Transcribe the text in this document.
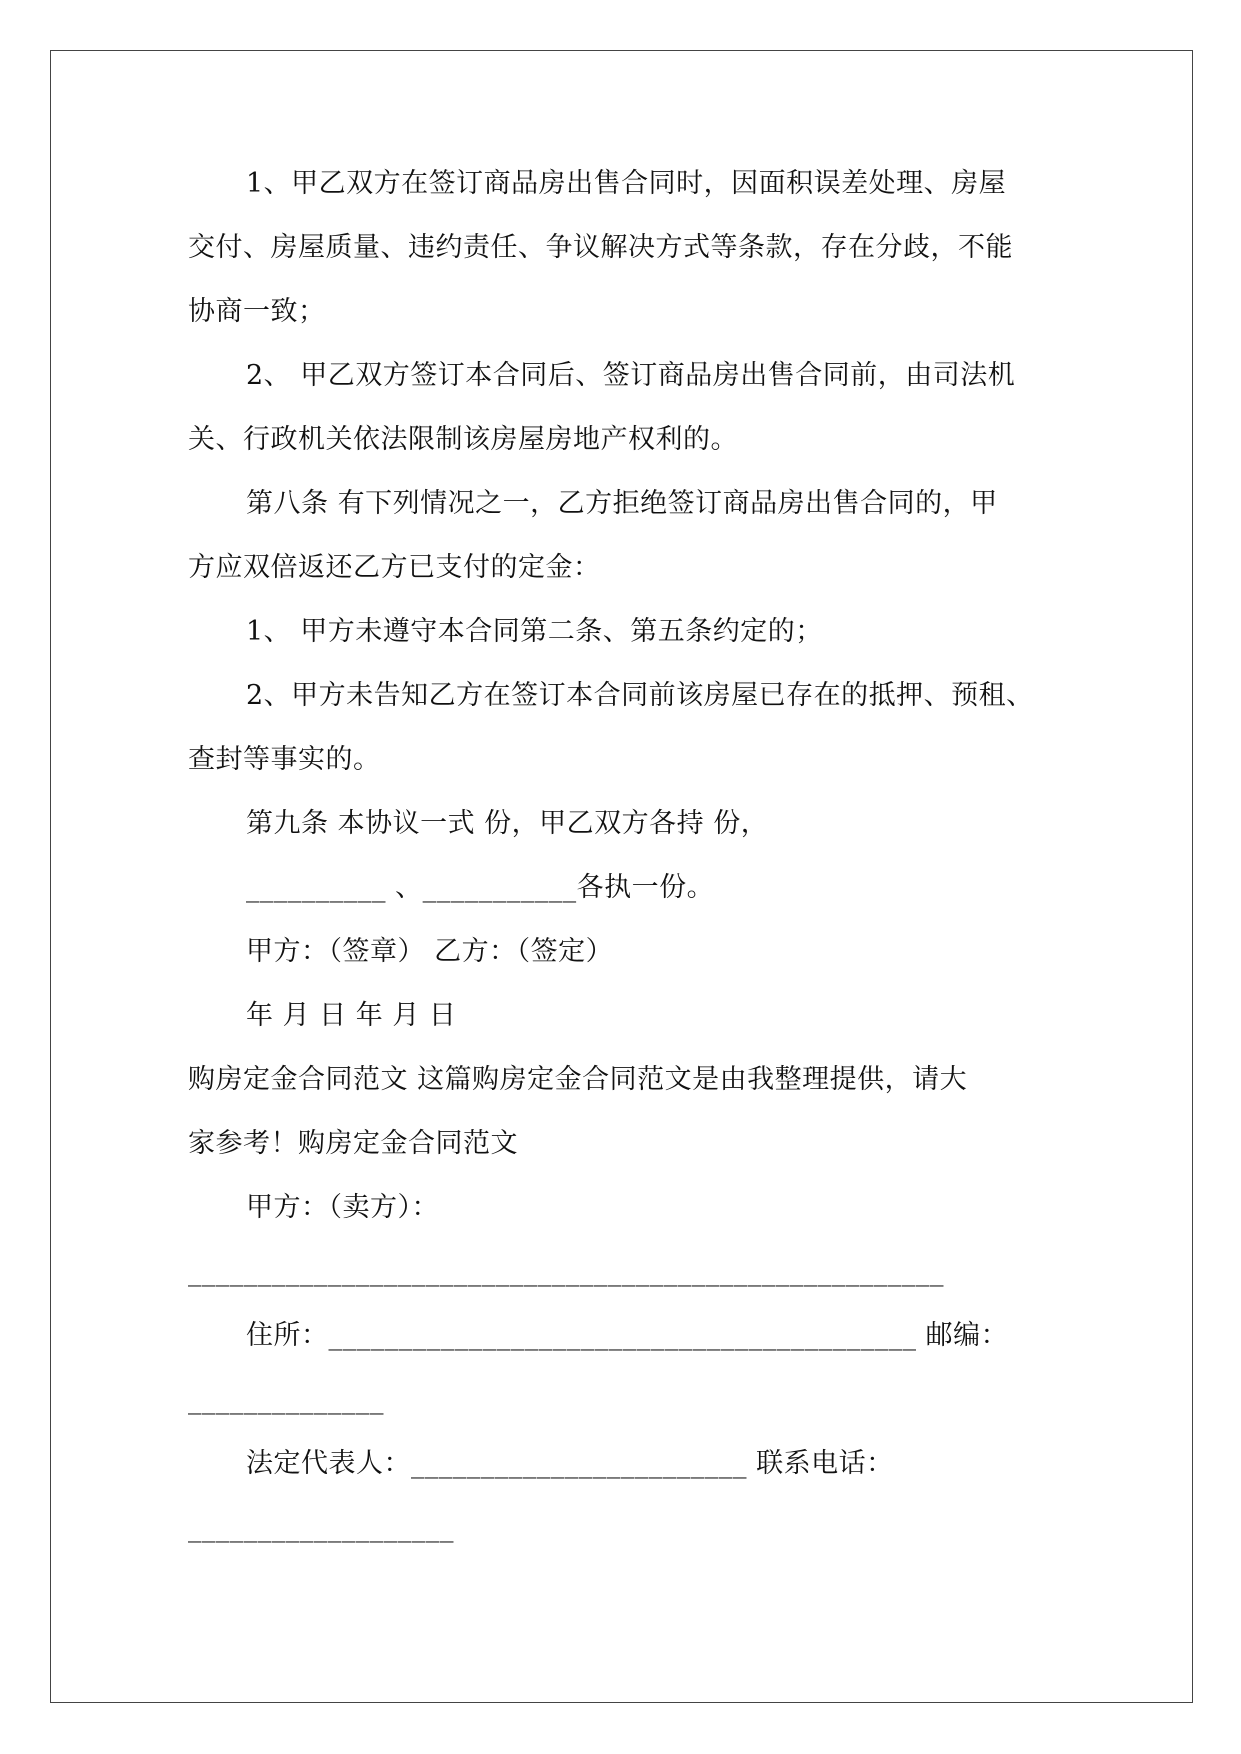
1、甲乙双方在签订商品房出售合同时，因面积误差处理、房屋
交付、房屋质量、违约责任、争议解决方式等条款，存在分歧，不能
协商一致；
2、 甲乙双方签订本合同后、签订商品房出售合同前，由司法机
关、行政机关依法限制该房屋房地产权利的。
第八条 有下列情况之一，乙方拒绝签订商品房出售合同的，甲
方应双倍返还乙方已支付的定金：
1、 甲方未遵守本合同第二条、第五条约定的；
2、甲方未告知乙方在签订本合同前该房屋已存在的抵押、预租、
查封等事实的。
第九条 本协议一式 份，甲乙双方各持 份，
__________ 、___________各执一份。
甲方：（签章） 乙方：（签定）
年 月 日 年 月 日
购房定金合同范文 这篇购房定金合同范文是由我整理提供，请大
家参考！购房定金合同范文
甲方：（卖方）：
______________________________________________________
住所：__________________________________________ 邮编：
______________
法定代表人：________________________ 联系电话：
___________________
